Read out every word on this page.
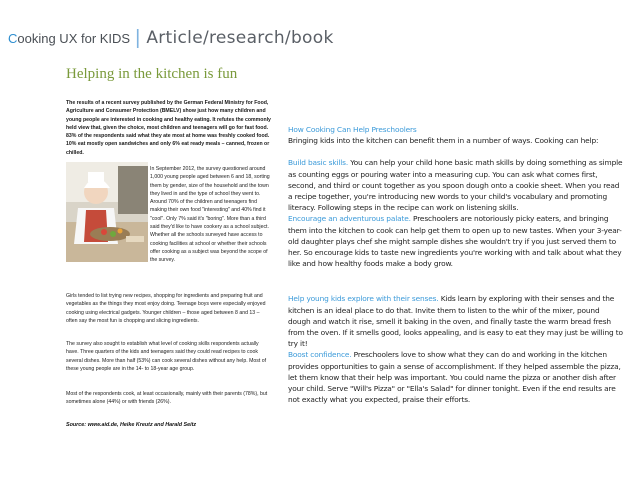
Cooking UX for KIDS | Article/research/book
Helping in the kitchen is fun
The results of a recent survey published by the German Federal Ministry for Food, Agriculture and Consumer Protection (BMELV) show just how many children and young people are interested in cooking and healthy eating. It refutes the commonly held view that, given the choice, most children and teenagers will go for fast food. 83% of the respondents said what they ate most at home was freshly cooked food. 10% eat mostly open sandwiches and only 6% eat ready meals – canned, frozen or chilled.
In September 2012, the survey questioned around 1,000 young people aged between 6 and 18, sorting them by gender, size of the household and the town they lived in and the type of school they went to. Around 70% of the children and teenagers find making their own food "interesting" and 40% find it "cool". Only 7% said it's "boring". More than a third said they'd like to have cookery as a school subject. Whether all the schools surveyed have access to cooking facilities at school or whether their schools offer cooking as a subject was beyond the scope of the survey.
Girls tended to list trying new recipes, shopping for ingredients and preparing fruit and vegetables as the things they most enjoy doing. Teenage boys were especially enjoyed cooking using electrical gadgets. Younger children – those aged between 8 and 13 – often say the most fun is chopping and slicing ingredients.
The survey also sought to establish what level of cooking skills respondents actually have. Three quarters of the kids and teenagers said they could read recipes to cook several dishes. More than half (53%) can cook several dishes without any help. Most of these young people are in the 14- to 18-year age group.
Most of the respondents cook, at least occasionally, mainly with their parents (78%), but sometimes alone (44%) or with friends (26%).
Source: www.aid.de, Heike Kreutz and Harald Seitz

How Cooking Can Help Preschoolers

Bringing kids into the kitchen can benefit them in a number of ways. Cooking can help:

Build basic skills. You can help your child hone basic math skills by doing something as simple as counting eggs or pouring water into a measuring cup. You can ask what comes first, second, and third or count together as you spoon dough onto a cookie sheet. When you read a recipe together, you're introducing new words to your child's vocabulary and promoting literacy. Following steps in the recipe can work on listening skills.

Encourage an adventurous palate. Preschoolers are notoriously picky eaters, and bringing them into the kitchen to cook can help get them to open up to new tastes. When your 3-year-old daughter plays chef she might sample dishes she wouldn't try if you just served them to her. So encourage kids to taste new ingredients you're working with and talk about what they like and how healthy foods make a body grow.

Help young kids explore with their senses. Kids learn by exploring with their senses and the kitchen is an ideal place to do that. Invite them to listen to the whir of the mixer, pound dough and watch it rise, smell it baking in the oven, and finally taste the warm bread fresh from the oven. If it smells good, looks appealing, and is easy to eat they may just be willing to try it!

Boost confidence. Preschoolers love to show what they can do and working in the kitchen provides opportunities to gain a sense of accomplishment. If they helped assemble the pizza, let them know that their help was important. You could name the pizza or another dish after your child. Serve "Will's Pizza" or "Ella's Salad" for dinner tonight. Even if the end results are not exactly what you expected, praise their efforts.
